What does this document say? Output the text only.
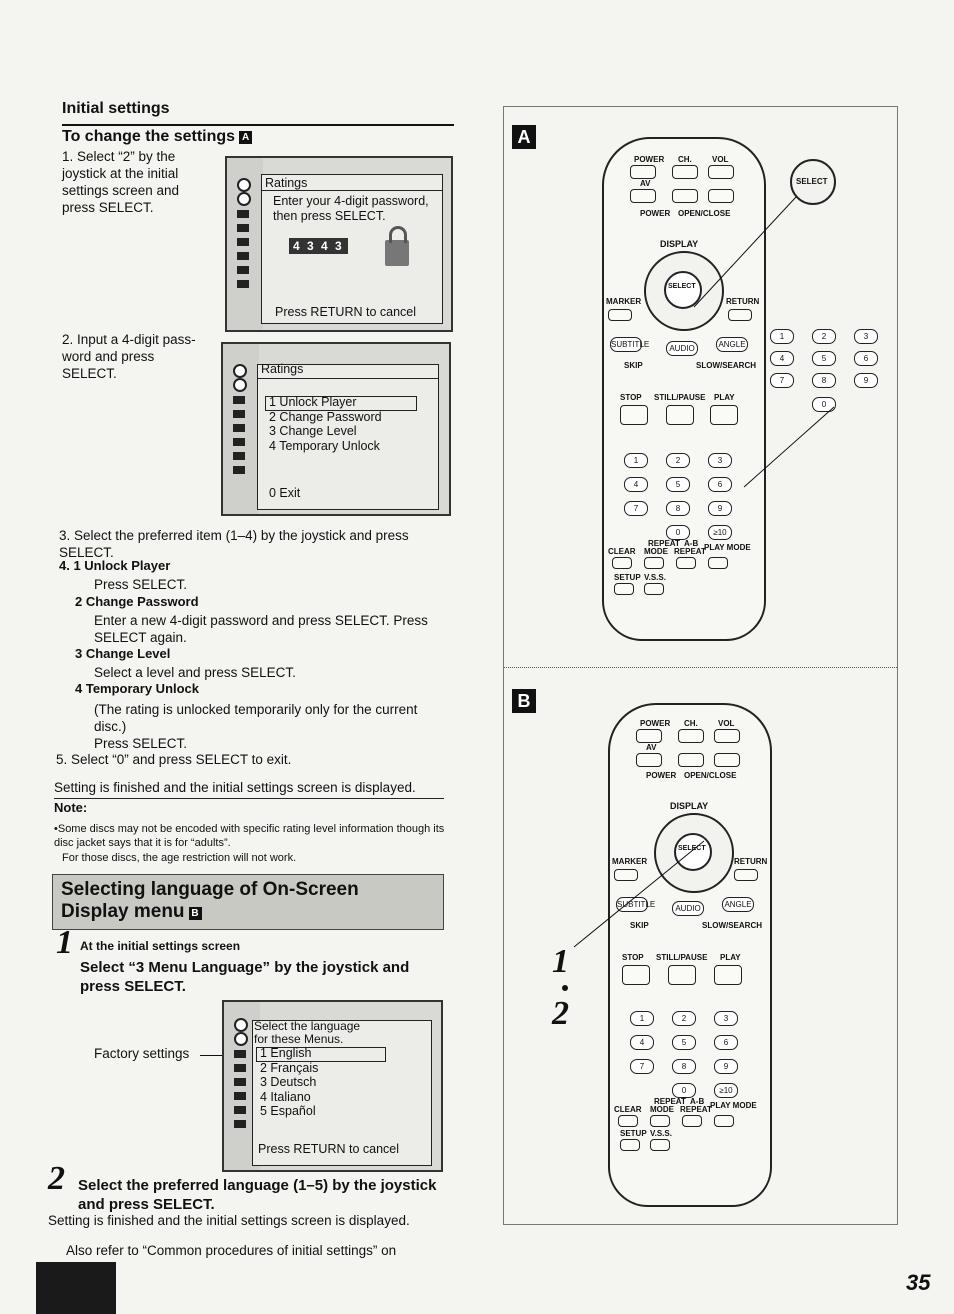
Initial settings
To change the settings A
1. Select “2” by the
joystick at the initial
settings screen and
press SELECT.
Ratings
Enter your 4-digit password,
then press SELECT.
4 3 4 3
Press RETURN to cancel
2. Input a 4-digit pass-
word and press
SELECT.	Ratings
1 Unlock Player
2 Change Password
3 Change Level
4 Temporary Unlock
0 Exit
3. Select the preferred item (1–4) by the joystick and press SELECT.
4. 1 Unlock Player
Press SELECT.
2 Change Password
Enter a new 4-digit password and press SELECT. Press SELECT again.
3 Change Level
Select a level and press SELECT.
4 Temporary Unlock
(The rating is unlocked temporarily only for the current disc.)
Press SELECT.
5. Select “0” and press SELECT to exit.
Setting is finished and the initial settings screen is displayed.
Note:
•Some discs may not be encoded with specific rating level information though its disc jacket says that it is for “adults”.
For those discs, the age restriction will not work.
Selecting language of On-Screen
Display menu B
1 At the initial settings screen
Select “3 Menu Language” by the joystick and press SELECT.
Factory settings
Select the language
for these Menus.
1 English
2 Français
3 Deutsch
4 Italiano
5 Español
Press RETURN to cancel
2 Select the preferred language (1–5) by the joystick and press SELECT.
Setting is finished and the initial settings screen is displayed.
Also refer to “Common procedures of initial settings” on
A
B
POWER CH.	VOL
AV
POWER OPEN/CLOSE
DISPLAY
SELECT
MARKER	RETURN
SUBTITLE	AUDIO	ANGLE
SKIP	SLOW/SEARCH
STOP STILL/PAUSE PLAY
1	2	3
4	5	6
7	8	9
0	≥10
REPEAT A-B
CLEAR MODE REPEAT
PLAY MODE
SETUP V.S.S.
SELECT
1	2	3
4	5	6
7	8	9
0
POWER CH.	VOL
AV
POWER OPEN/CLOSE
DISPLAY
SELECT
MARKER	RETURN
SUBTITLE	AUDIO	ANGLE
SKIP	SLOW/SEARCH
STOP STILL/PAUSE PLAY
1	2	3
4	5	6
7	8	9
0	≥10
REPEAT A-B
CLEAR MODE REPEAT
PLAY MODE
SETUP V.S.S.
1
2
35
